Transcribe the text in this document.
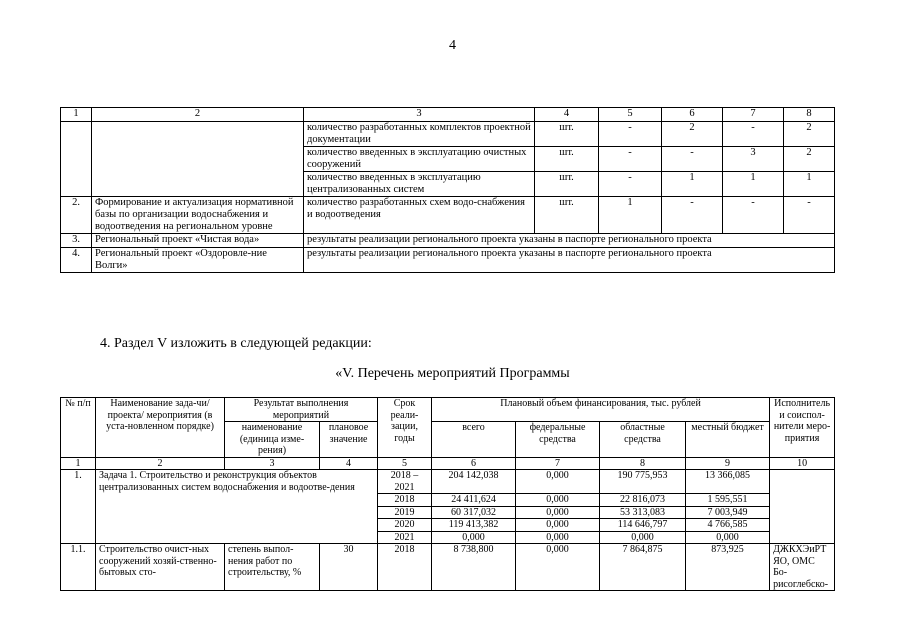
4
1	2	3	4	5	6	7	8
		количество разработанных комплектов проектной документации	шт.	-	2	-	2
		количество введенных в эксплуатацию очистных сооружений	шт.	-	-	3	2
		количество введенных в эксплуатацию централизованных систем	шт.	-	1	1	1
2.	Формирование и актуализация нормативной базы по организации водоснабжения и водоотведения на региональном уровне	количество разработанных схем водо-снабжения и водоотведения	шт.	1	-	-	-
3.	Региональный проект «Чистая вода»	результаты реализации регионального проекта указаны в паспорте регионального проекта					
4.	Региональный проект «Оздоровле-ние Волги»	результаты реализации регионального проекта указаны в паспорте регионального проекта					
4. Раздел V изложить в следующей редакции:
«V. Перечень мероприятий Программы
№ п/п	Наименование зада-чи/проекта/ мероприятия (в уста-новленном порядке)	Результат выполнения мероприятий		Срок реали-зации, годы	Плановый объем финансирования, тыс. рублей				Исполнитель и соиспол-нители меро-приятия
		наименование (единица изме-рения)	плановое значение		всего	федеральные средства	областные средства	местный бюджет	

1	2	3	4	5	6	7	8	9	10
1.	Задача 1. Строительство и реконструкция объектов централизованных систем водоснабжения и водоотве-дения			2018 – 2021	204 142,038	0,000	190 775,953	13 366,085	
				2018	24 411,624	0,000	22 816,073	1 595,551	
				2019	60 317,032	0,000	53 313,083	7 003,949	
				2020	119 413,382	0,000	114 646,797	4 766,585	
				2021	0,000	0,000	0,000	0,000	
1.1.	Строительство очист-ных сооружений хозяй-ственно-бытовых сто-	степень выпол-нения работ по строительству, %	30	2018	8 738,800	0,000	7 864,875	873,925	ДЖКХЭиРТ ЯО, ОМС Бо-рисоглебско-
